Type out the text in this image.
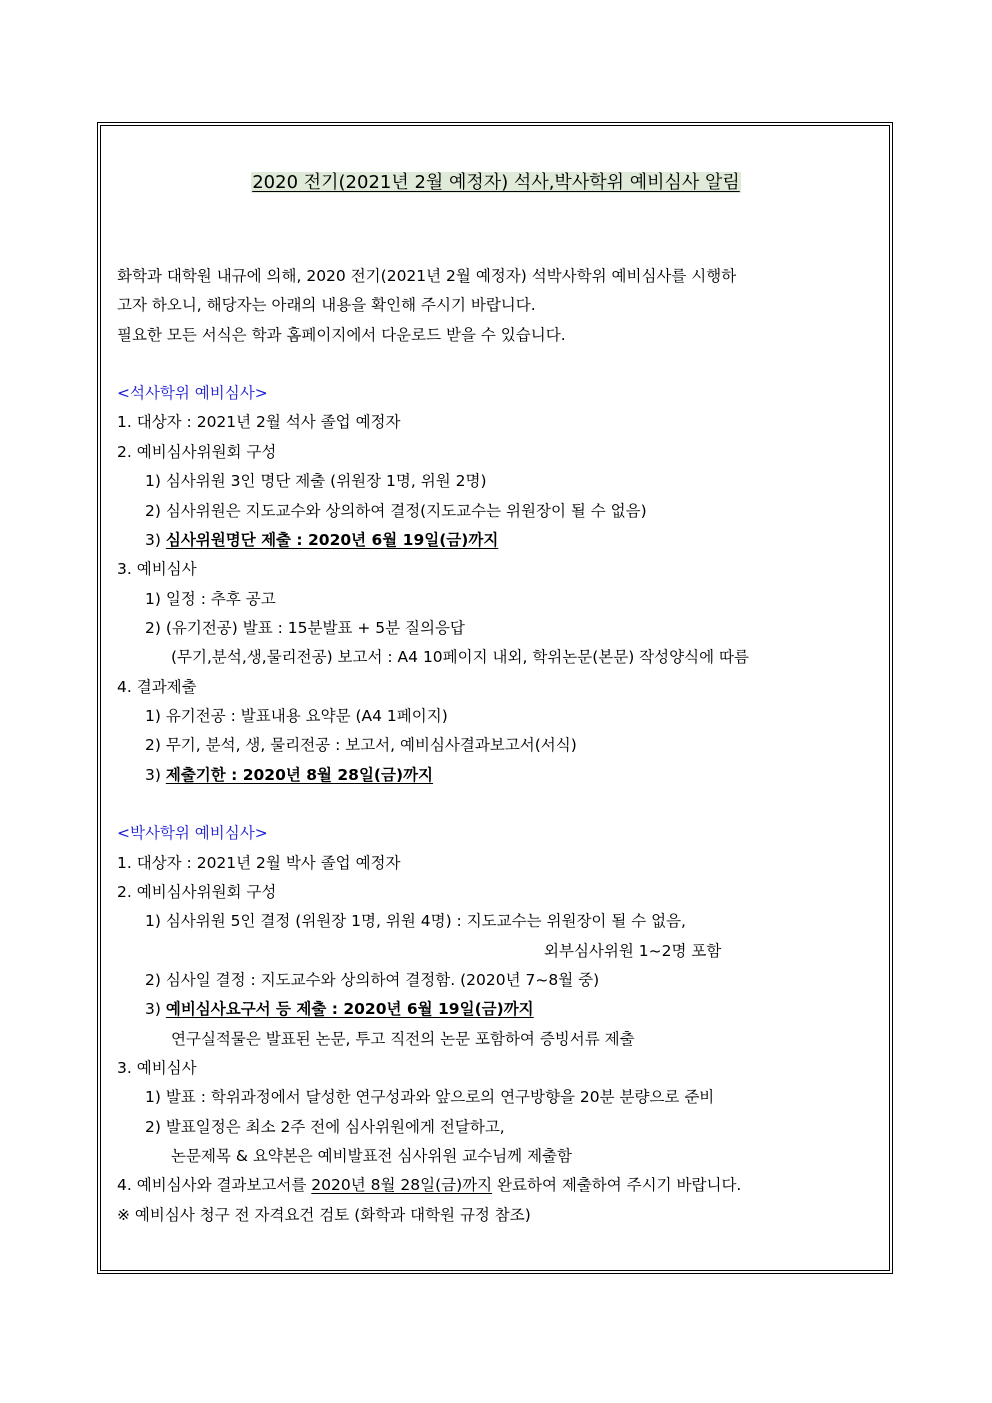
2020 전기(2021년 2월 예정자) 석사,박사학위 예비심사 알림
화학과 대학원 내규에 의해, 2020 전기(2021년 2월 예정자) 석박사학위 예비심사를 시행하
고자 하오니, 해당자는 아래의 내용을 확인해 주시기 바랍니다.
필요한 모든 서식은 학과 홈페이지에서 다운로드 받을 수 있습니다.
<석사학위 예비심사>
1. 대상자 : 2021년 2월 석사 졸업 예정자
2. 예비심사위원회 구성
1) 심사위원 3인 명단 제출 (위원장 1명, 위원 2명)
2) 심사위원은 지도교수와 상의하여 결정(지도교수는 위원장이 될 수 없음)
3) 심사위원명단 제출 : 2020년 6월 19일(금)까지
3. 예비심사
1) 일정 : 추후 공고
2) (유기전공) 발표 : 15분발표 + 5분 질의응답
(무기,분석,생,물리전공) 보고서 : A4 10페이지 내외, 학위논문(본문) 작성양식에 따름
4. 결과제출
1) 유기전공 : 발표내용 요약문 (A4 1페이지)
2) 무기, 분석, 생, 물리전공 : 보고서, 예비심사결과보고서(서식)
3) 제출기한 : 2020년 8월 28일(금)까지
<박사학위 예비심사>
1. 대상자 : 2021년 2월 박사 졸업 예정자
2. 예비심사위원회 구성
1) 심사위원 5인 결정 (위원장 1명, 위원 4명) : 지도교수는 위원장이 될 수 없음,
외부심사위원 1~2명 포함
2) 심사일 결정 : 지도교수와 상의하여 결정함. (2020년 7~8월 중)
3) 예비심사요구서 등 제출 : 2020년 6월 19일(금)까지
연구실적물은 발표된 논문, 투고 직전의 논문 포함하여 증빙서류 제출
3. 예비심사
1) 발표 : 학위과정에서 달성한 연구성과와 앞으로의 연구방향을 20분 분량으로 준비
2) 발표일정은 최소 2주 전에 심사위원에게 전달하고,
논문제목 & 요약본은 예비발표전 심사위원 교수님께 제출함
4. 예비심사와 결과보고서를 2020년 8월 28일(금)까지 완료하여 제출하여 주시기 바랍니다.
※ 예비심사 청구 전 자격요건 검토 (화학과 대학원 규정 참조)
